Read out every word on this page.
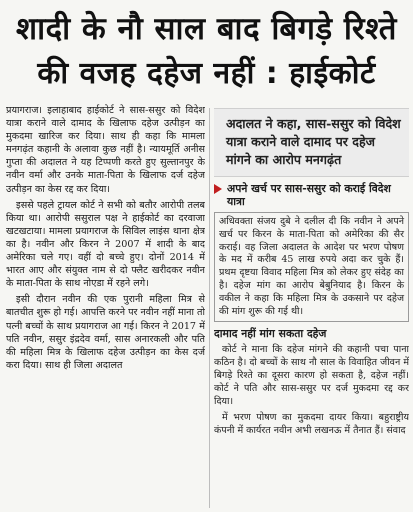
शादी के नौ साल बाद बिगड़े रिश्ते
की वजह दहेज नहीं : हाईकोर्ट

प्रयागराज। इलाहाबाद हाईकोर्ट ने सास-ससुर को विदेश यात्रा कराने वाले दामाद के खिलाफ दहेज उत्पीड़न का मुकदमा खारिज कर दिया। साथ ही कहा कि मामला मनगढ़ंत कहानी के अलावा कुछ नहीं है। न्यायमूर्ति अनीस गुप्ता की अदालत ने यह टिप्पणी करते हुए सुल्तानपुर के नवीन वर्मा और उनके माता-पिता के खिलाफ दर्ज दहेज उत्पीड़न का केस रद्द कर दिया।

इससे पहले ट्रायल कोर्ट ने सभी को बतौर आरोपी तलब किया था। आरोपी ससुराल पक्ष ने हाईकोर्ट का दरवाजा खटखटाया। मामला प्रयागराज के सिविल लाइंस थाना क्षेत्र का है। नवीन और किरन ने 2007 में शादी के बाद अमेरिका चले गए। वहीं दो बच्चे हुए। दोनों 2014 में भारत आए और संयुक्त नाम से दो फ्लैट खरीदकर नवीन के माता-पिता के साथ नोएडा में रहने लगे।

इसी दौरान नवीन की एक पुरानी महिला मित्र से बातचीत शुरू हो गई। आपत्ति करने पर नवीन नहीं माना तो पत्नी बच्चों के साथ प्रयागराज आ गई। किरन ने 2017 में पति नवीन, ससुर इंद्रदेव वर्मा, सास अनारकली और पति की महिला मित्र के खिलाफ दहेज उत्पीड़न का केस दर्ज करा दिया। साथ ही जिला अदालत

अदालत ने कहा, सास-ससुर को विदेश यात्रा कराने वाले दामाद पर दहेज मांगने का आरोप मनगढ़ंत
अपने खर्च पर सास-ससुर को कराई विदेश यात्रा
अधिवक्ता संजय दुबे ने दलील दी कि नवीन ने अपने खर्च पर किरन के माता-पिता को अमेरिका की सैर कराई। वह जिला अदालत के आदेश पर भरण पोषण के मद में करीब 45 लाख रुपये अदा कर चुके हैं। प्रथम दृष्टया विवाद महिला मित्र को लेकर हुए संदेह का है। दहेज मांग का आरोप बेबुनियाद है। किरन के वकील ने कहा कि महिला मित्र के उकसाने पर दहेज की मांग शुरू की गई थी।
दामाद नहीं मांग सकता दहेज

कोर्ट ने माना कि दहेज मांगने की कहानी पचा पाना कठिन है। दो बच्चों के साथ नौ साल के विवाहित जीवन में बिगड़े रिश्ते का दूसरा कारण हो सकता है, दहेज नहीं। कोर्ट ने पति और सास-ससुर पर दर्ज मुकदमा रद्द कर दिया।

में भरण पोषण का मुकदमा दायर किया। बहुराष्ट्रीय कंपनी में कार्यरत नवीन अभी लखनऊ में तैनात हैं। संवाद
